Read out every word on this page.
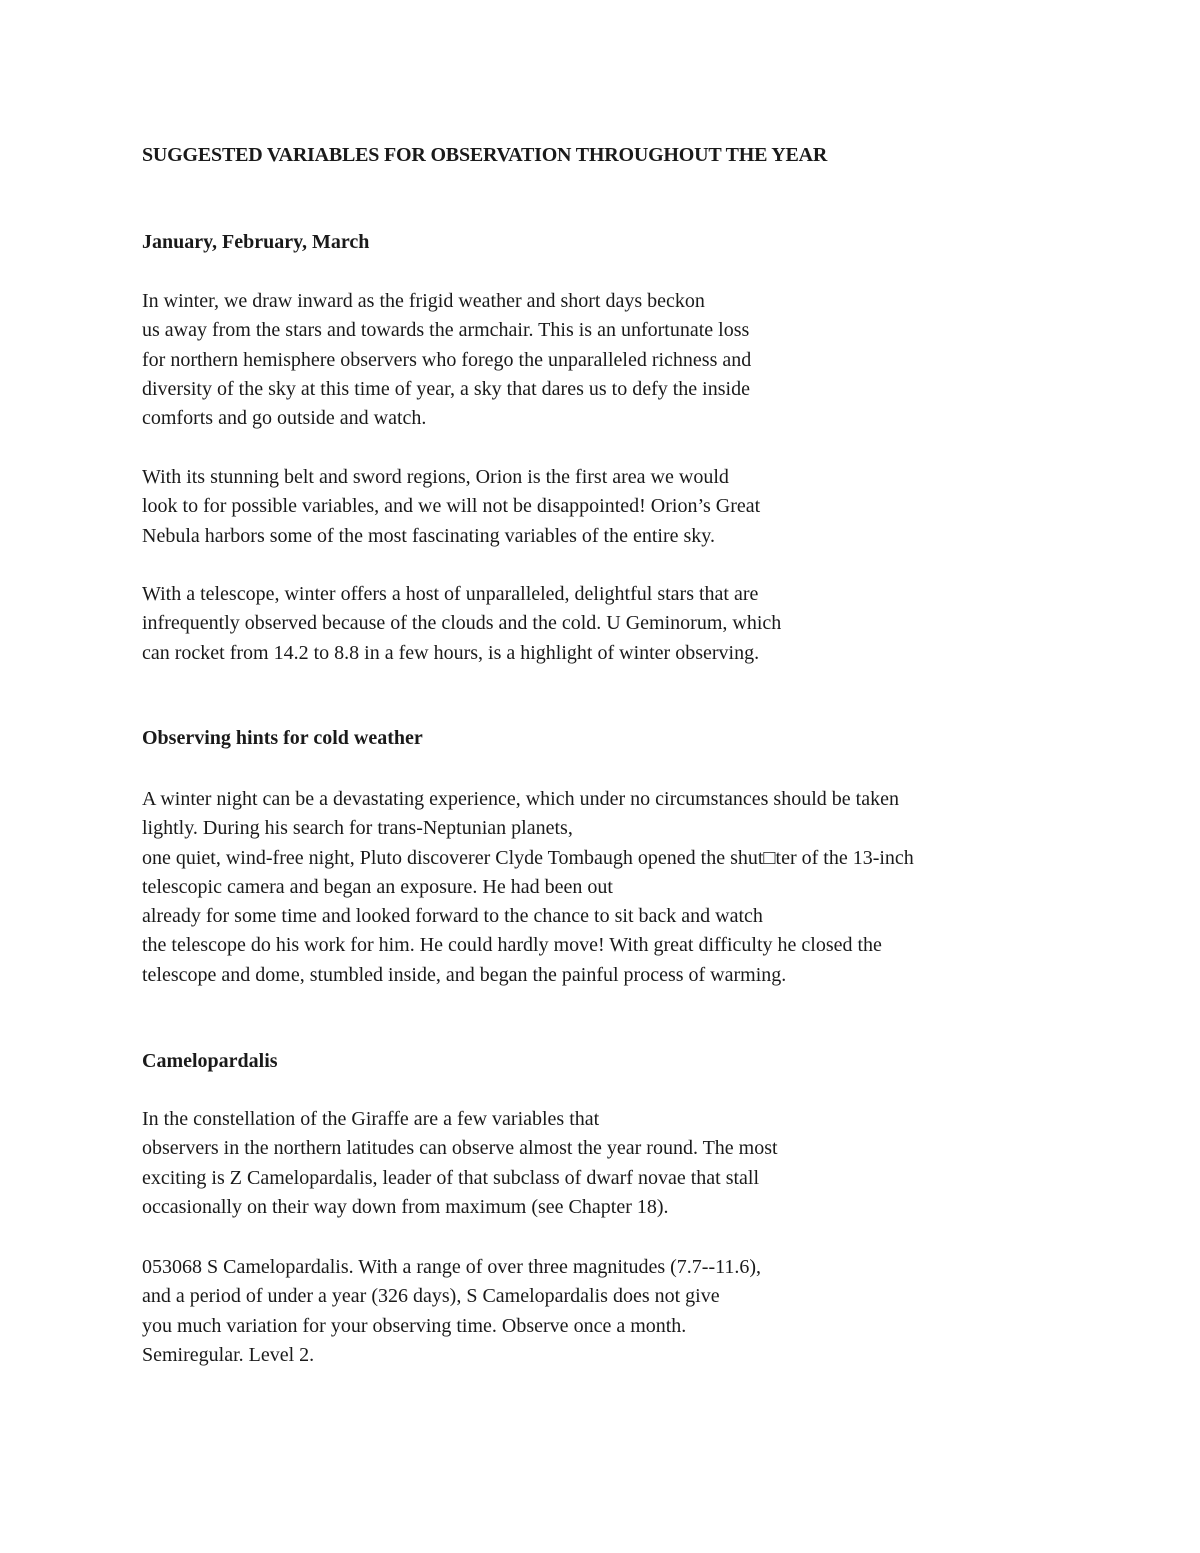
SUGGESTED VARIABLES FOR OBSERVATION THROUGHOUT THE YEAR
January, February, March
In winter, we draw inward as the frigid weather and short days beckon
us away from the stars and towards the armchair. This is an unfortunate loss
for northern hemisphere observers who forego the unparalleled richness and
diversity of the sky at this time of year, a sky that dares us to defy the inside
comforts and go outside and watch.
With its stunning belt and sword regions, Orion is the first area we would
look to for possible variables, and we will not be disappointed! Orion’s Great
Nebula harbors some of the most fascinating variables of the entire sky.
With a telescope, winter offers a host of unparalleled, delightful stars that are
infrequently observed because of the clouds and the cold. U Geminorum, which
can rocket from 14.2 to 8.8 in a few hours, is a highlight of winter observing.
Observing hints for cold weather
A winter night can be a devastating experience, which under no circumstances should be taken
lightly. During his search for trans-Neptunian planets,
one quiet, wind-free night, Pluto discoverer Clyde Tombaugh opened the shut□ter of the 13-inch
telescopic camera and began an exposure. He had been out
already for some time and looked forward to the chance to sit back and watch
the telescope do his work for him. He could hardly move! With great difficulty he closed the
telescope and dome, stumbled inside, and began the painful process of warming.
Camelopardalis
In the constellation of the Giraffe are a few variables that
observers in the northern latitudes can observe almost the year round. The most
exciting is Z Camelopardalis, leader of that subclass of dwarf novae that stall
occasionally on their way down from maximum (see Chapter 18).
053068 S Camelopardalis. With a range of over three magnitudes (7.7--11.6),
and a period of under a year (326 days), S Camelopardalis does not give
you much variation for your observing time. Observe once a month.
Semiregular. Level 2.
